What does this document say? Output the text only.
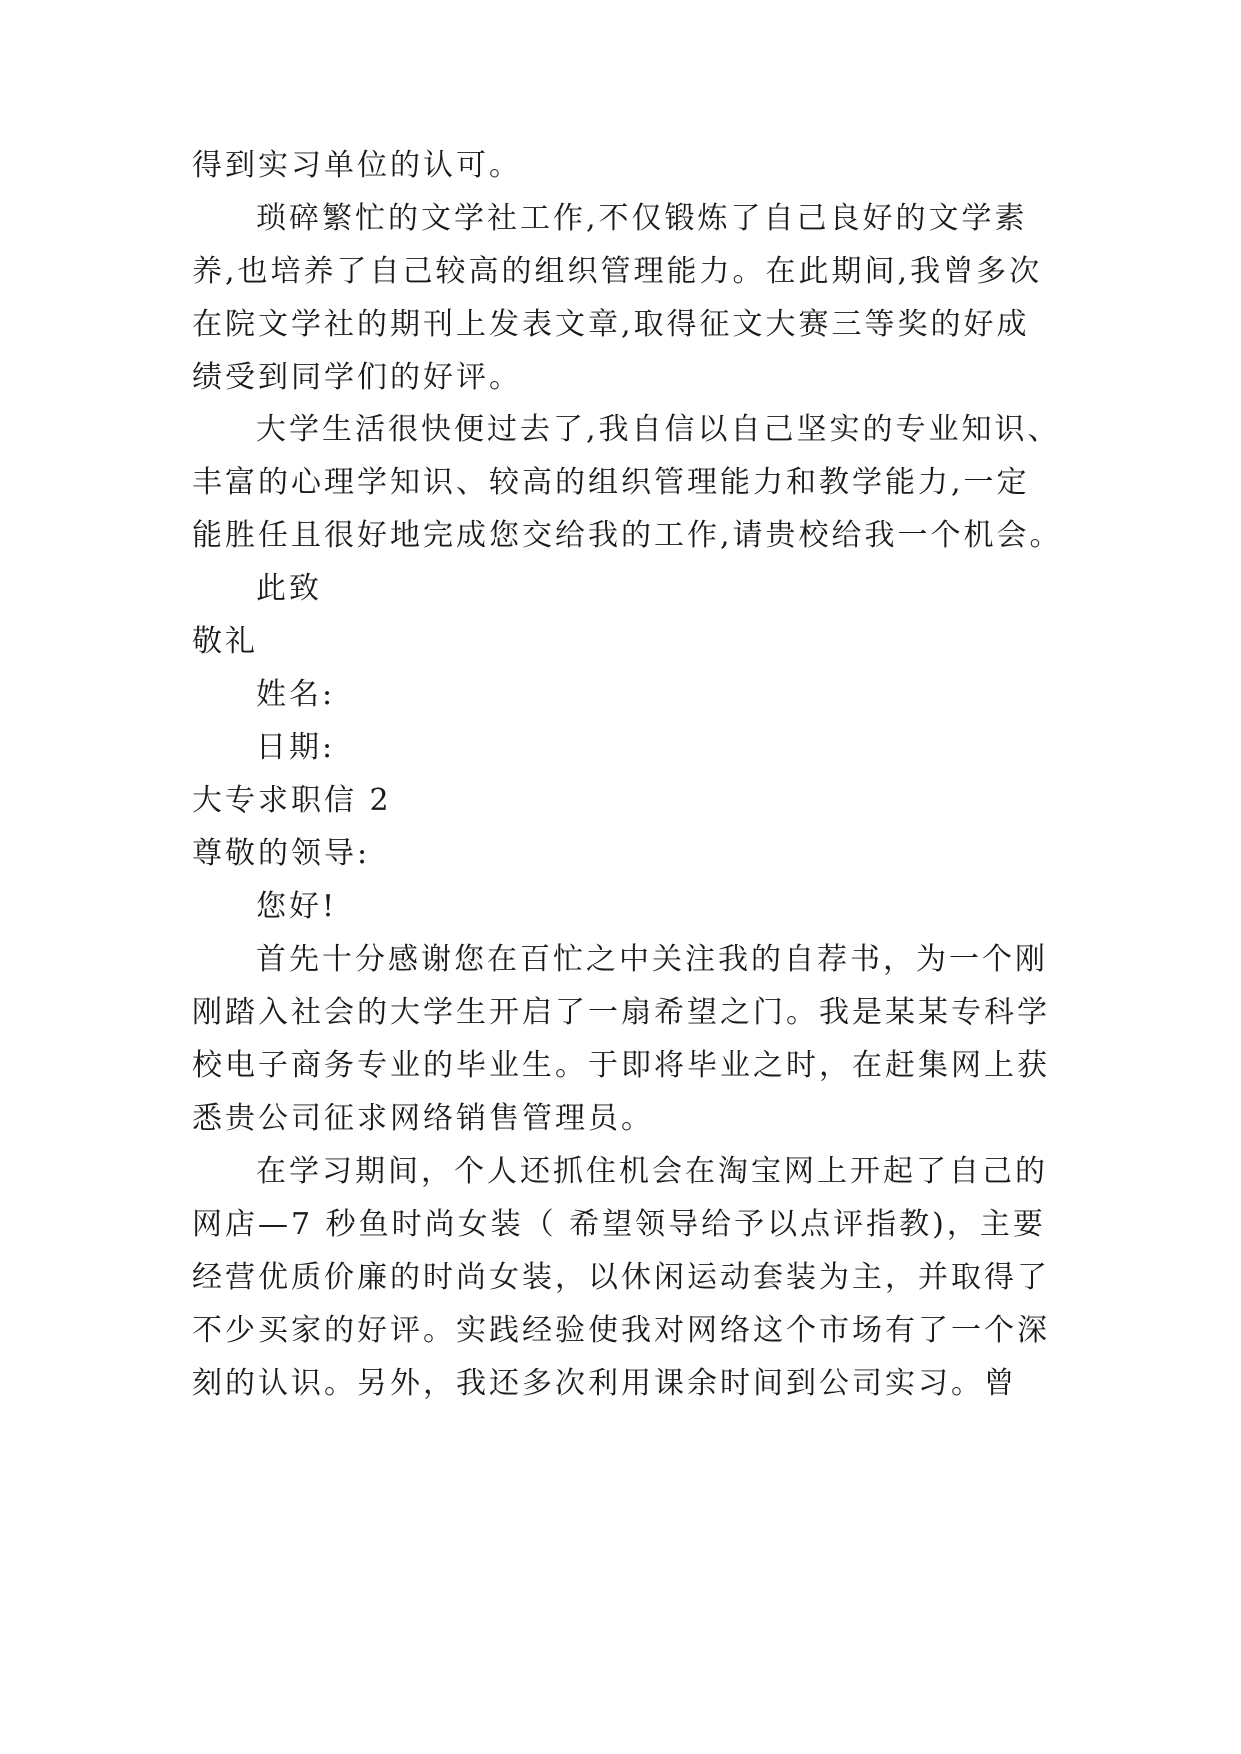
得到实习单位的认可。
琐碎繁忙的文学社工作,不仅锻炼了自己良好的文学素
养,也培养了自己较高的组织管理能力。在此期间,我曾多次
在院文学社的期刊上发表文章,取得征文大赛三等奖的好成
绩受到同学们的好评。
大学生活很快便过去了,我自信以自己坚实的专业知识、
丰富的心理学知识、较高的组织管理能力和教学能力,一定
能胜任且很好地完成您交给我的工作,请贵校给我一个机会。
此致
敬礼
姓名:
日期:
大专求职信 2
尊敬的领导:
您好!
首先十分感谢您在百忙之中关注我的自荐书，为一个刚
刚踏入社会的大学生开启了一扇希望之门。我是某某专科学
校电子商务专业的毕业生。于即将毕业之时，在赶集网上获
悉贵公司征求网络销售管理员。
在学习期间，个人还抓住机会在淘宝网上开起了自己的
网店—7 秒鱼时尚女装（ 希望领导给予以点评指教)，主要
经营优质价廉的时尚女装，以休闲运动套装为主，并取得了
不少买家的好评。实践经验使我对网络这个市场有了一个深
刻的认识。另外，我还多次利用课余时间到公司实习。曾
